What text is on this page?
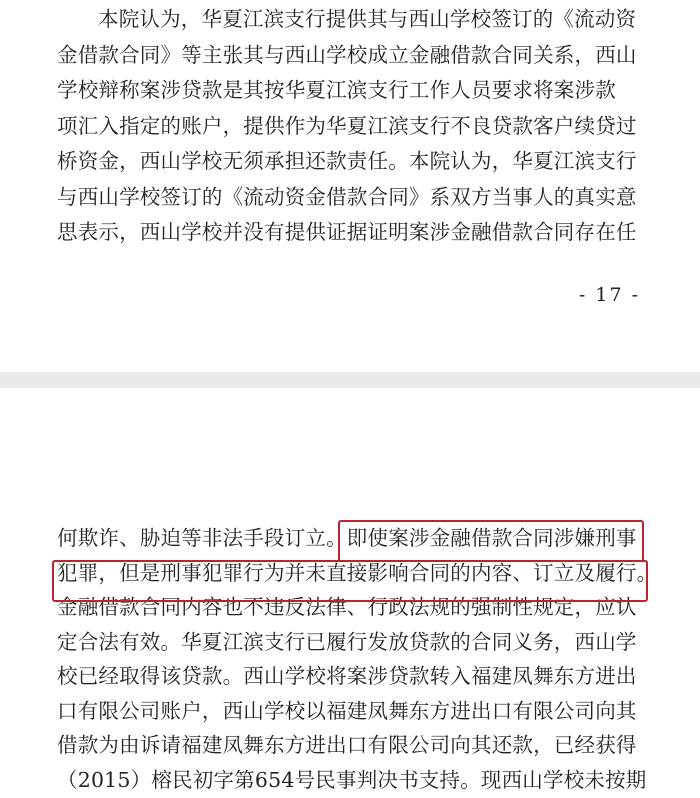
本院认为，华夏江滨支行提供其与西山学校签订的《流动资
金借款合同》等主张其与西山学校成立金融借款合同关系，西山
学校辩称案涉贷款是其按华夏江滨支行工作人员要求将案涉款
项汇入指定的账户，提供作为华夏江滨支行不良贷款客户续贷过
桥资金，西山学校无须承担还款责任。本院认为，华夏江滨支行
与西山学校签订的《流动资金借款合同》系双方当事人的真实意
思表示，西山学校并没有提供证据证明案涉金融借款合同存在任
- 17 -
何欺诈、胁迫等非法手段订立。即使案涉金融借款合同涉嫌刑事
犯罪，但是刑事犯罪行为并未直接影响合同的内容、订立及履行。
金融借款合同内容也不违反法律、行政法规的强制性规定，应认
定合法有效。华夏江滨支行已履行发放贷款的合同义务，西山学
校已经取得该贷款。西山学校将案涉贷款转入福建凤舞东方进出
口有限公司账户，西山学校以福建凤舞东方进出口有限公司向其
借款为由诉请福建凤舞东方进出口有限公司向其还款，已经获得
（2015）榕民初字第654号民事判决书支持。现西山学校未按期
